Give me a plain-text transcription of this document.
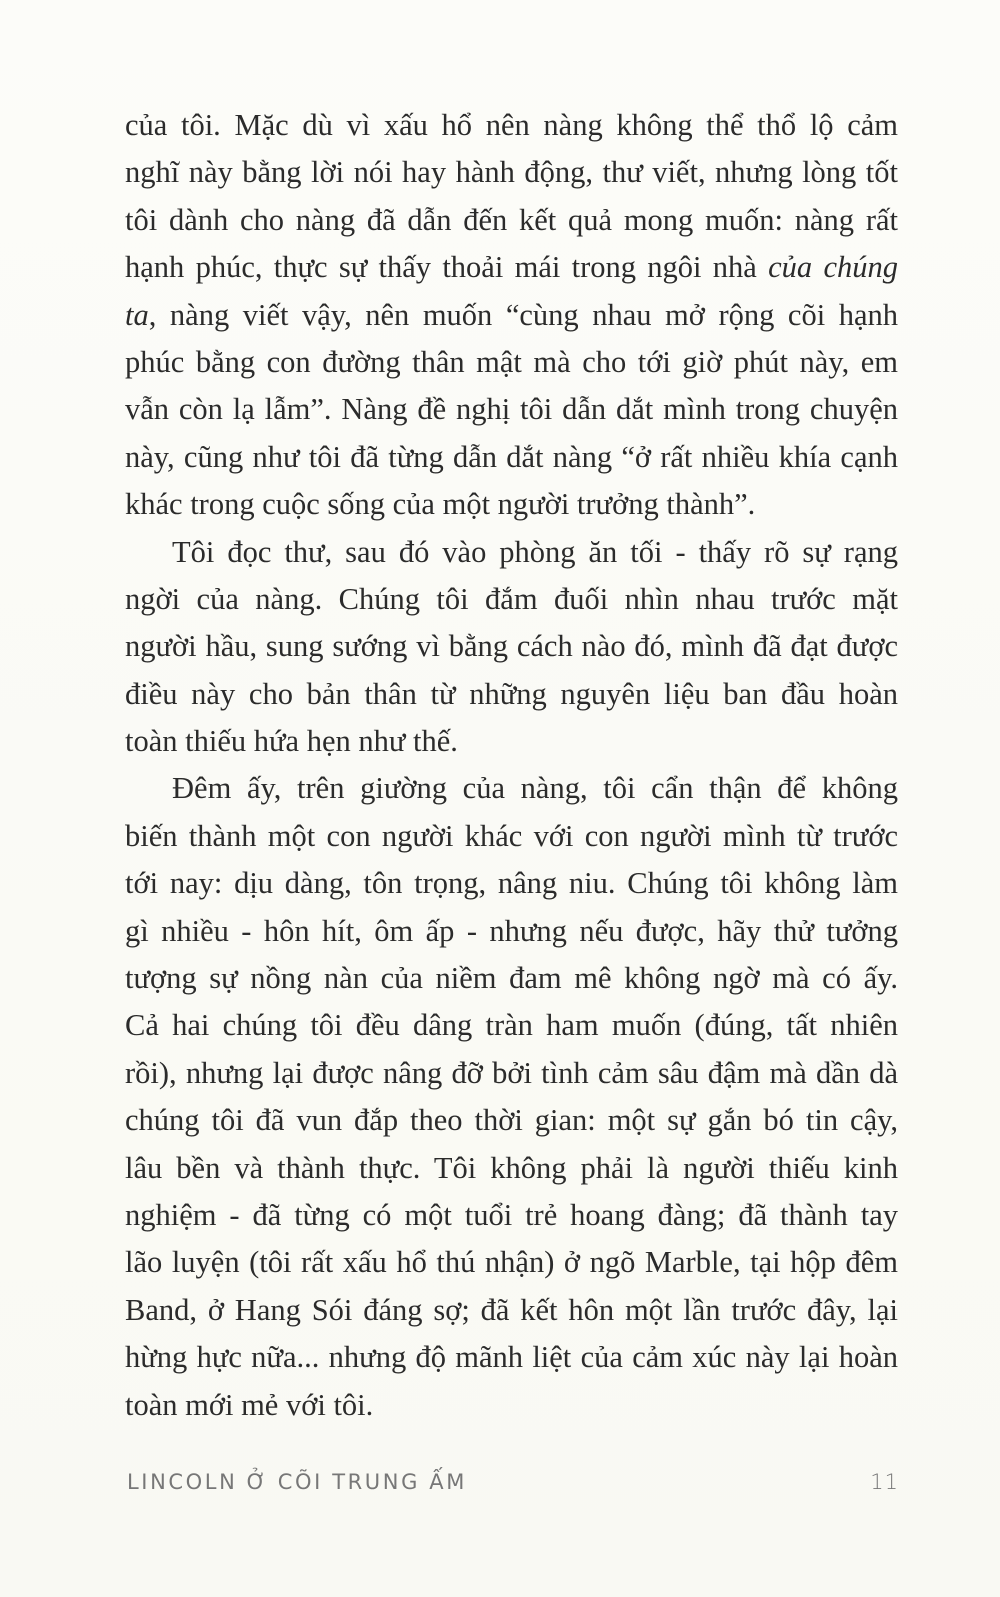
của tôi. Mặc dù vì xấu hổ nên nàng không thể thổ lộ cảm
nghĩ này bằng lời nói hay hành động, thư viết, nhưng lòng tốt
tôi dành cho nàng đã dẫn đến kết quả mong muốn: nàng rất
hạnh phúc, thực sự thấy thoải mái trong ngôi nhà của chúng
ta, nàng viết vậy, nên muốn “cùng nhau mở rộng cõi hạnh
phúc bằng con đường thân mật mà cho tới giờ phút này, em
vẫn còn lạ lẫm”. Nàng đề nghị tôi dẫn dắt mình trong chuyện
này, cũng như tôi đã từng dẫn dắt nàng “ở rất nhiều khía cạnh
khác trong cuộc sống của một người trưởng thành”.
Tôi đọc thư, sau đó vào phòng ăn tối - thấy rõ sự rạng
ngời của nàng. Chúng tôi đắm đuối nhìn nhau trước mặt
người hầu, sung sướng vì bằng cách nào đó, mình đã đạt được
điều này cho bản thân từ những nguyên liệu ban đầu hoàn
toàn thiếu hứa hẹn như thế.
Đêm ấy, trên giường của nàng, tôi cẩn thận để không
biến thành một con người khác với con người mình từ trước
tới nay: dịu dàng, tôn trọng, nâng niu. Chúng tôi không làm
gì nhiều - hôn hít, ôm ấp - nhưng nếu được, hãy thử tưởng
tượng sự nồng nàn của niềm đam mê không ngờ mà có ấy.
Cả hai chúng tôi đều dâng tràn ham muốn (đúng, tất nhiên
rồi), nhưng lại được nâng đỡ bởi tình cảm sâu đậm mà dần dà
chúng tôi đã vun đắp theo thời gian: một sự gắn bó tin cậy,
lâu bền và thành thực. Tôi không phải là người thiếu kinh
nghiệm - đã từng có một tuổi trẻ hoang đàng; đã thành tay
lão luyện (tôi rất xấu hổ thú nhận) ở ngõ Marble, tại hộp đêm
Band, ở Hang Sói đáng sợ; đã kết hôn một lần trước đây, lại
hừng hực nữa... nhưng độ mãnh liệt của cảm xúc này lại hoàn
toàn mới mẻ với tôi.
LINCOLN Ở CÕI TRUNG ẤM	11
